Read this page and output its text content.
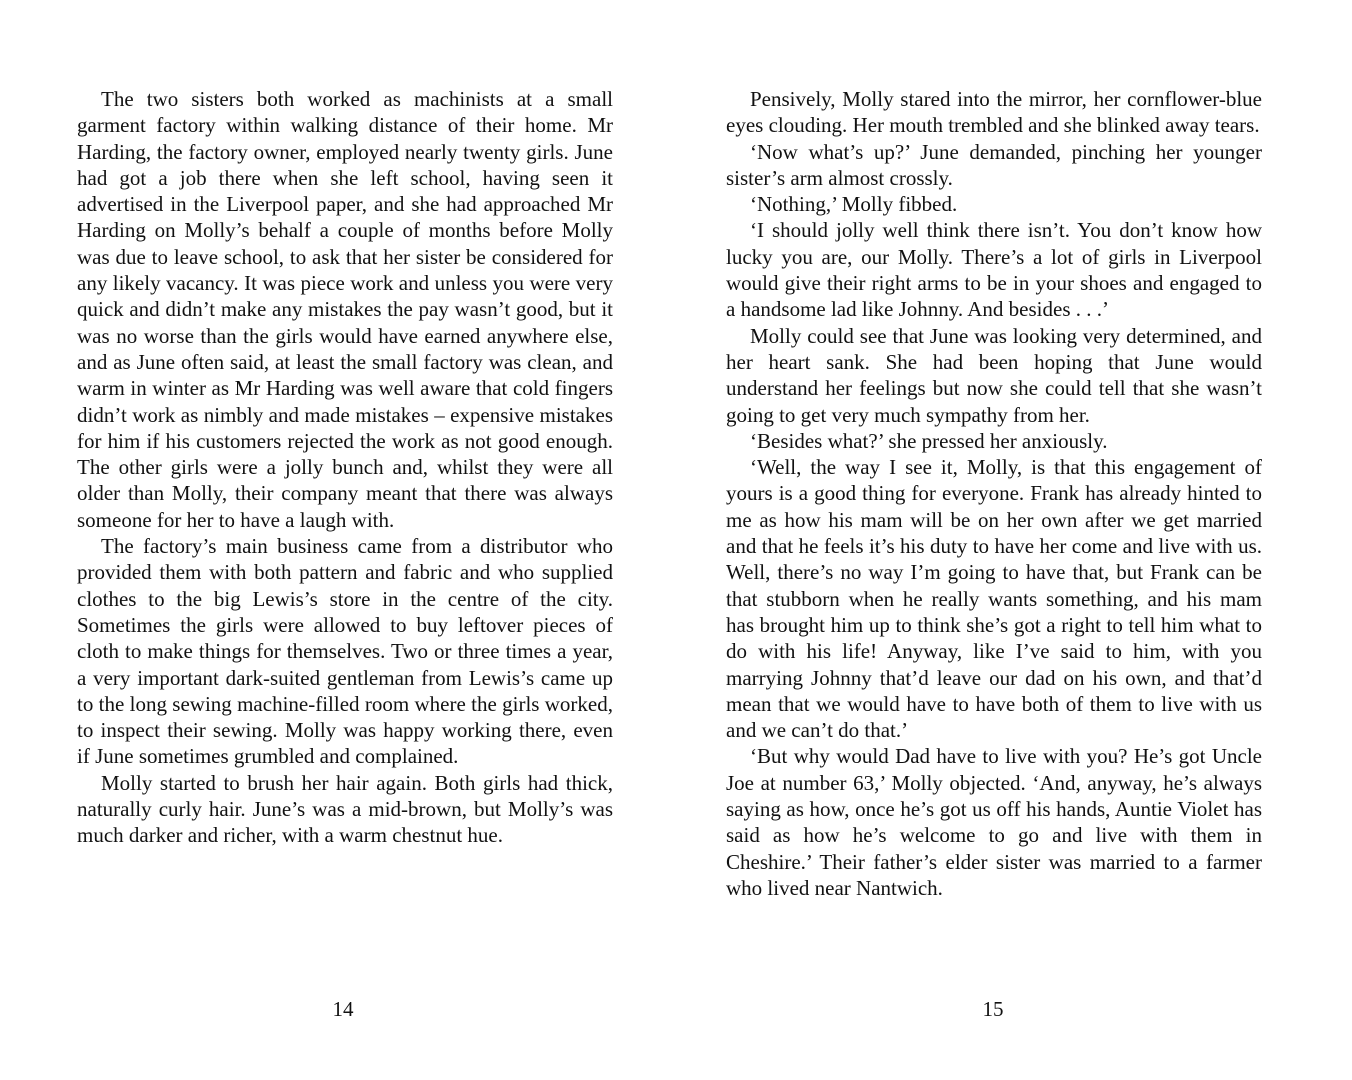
The two sisters both worked as machinists at a small garment factory within walking distance of their home. Mr Harding, the factory owner, employed nearly twenty girls. June had got a job there when she left school, having seen it advertised in the Liverpool paper, and she had approached Mr Harding on Molly’s behalf a couple of months before Molly was due to leave school, to ask that her sister be considered for any likely vacancy. It was piece work and unless you were very quick and didn’t make any mistakes the pay wasn’t good, but it was no worse than the girls would have earned anywhere else, and as June often said, at least the small factory was clean, and warm in winter as Mr Harding was well aware that cold fingers didn’t work as nimbly and made mistakes – expensive mistakes for him if his customers rejected the work as not good enough. The other girls were a jolly bunch and, whilst they were all older than Molly, their company meant that there was always someone for her to have a laugh with.

The factory’s main business came from a distributor who provided them with both pattern and fabric and who supplied clothes to the big Lewis’s store in the centre of the city. Sometimes the girls were allowed to buy leftover pieces of cloth to make things for themselves. Two or three times a year, a very important dark-suited gentleman from Lewis’s came up to the long sewing machine-filled room where the girls worked, to inspect their sewing. Molly was happy working there, even if June sometimes grumbled and complained.

Molly started to brush her hair again. Both girls had thick, naturally curly hair. June’s was a mid-brown, but Molly’s was much darker and richer, with a warm chestnut hue.

Pensively, Molly stared into the mirror, her cornflower-blue eyes clouding. Her mouth trembled and she blinked away tears.

‘Now what’s up?’ June demanded, pinching her younger sister’s arm almost crossly.

‘Nothing,’ Molly fibbed.

‘I should jolly well think there isn’t. You don’t know how lucky you are, our Molly. There’s a lot of girls in Liverpool would give their right arms to be in your shoes and engaged to a handsome lad like Johnny. And besides . . .’

Molly could see that June was looking very determined, and her heart sank. She had been hoping that June would understand her feelings but now she could tell that she wasn’t going to get very much sympathy from her.

‘Besides what?’ she pressed her anxiously.

‘Well, the way I see it, Molly, is that this engagement of yours is a good thing for everyone. Frank has already hinted to me as how his mam will be on her own after we get married and that he feels it’s his duty to have her come and live with us. Well, there’s no way I’m going to have that, but Frank can be that stubborn when he really wants something, and his mam has brought him up to think she’s got a right to tell him what to do with his life! Anyway, like I’ve said to him, with you marrying Johnny that’d leave our dad on his own, and that’d mean that we would have to have both of them to live with us and we can’t do that.’

‘But why would Dad have to live with you? He’s got Uncle Joe at number 63,’ Molly objected. ‘And, anyway, he’s always saying as how, once he’s got us off his hands, Auntie Violet has said as how he’s welcome to go and live with them in Cheshire.’ Their father’s elder sister was married to a farmer who lived near Nantwich.

14	15
